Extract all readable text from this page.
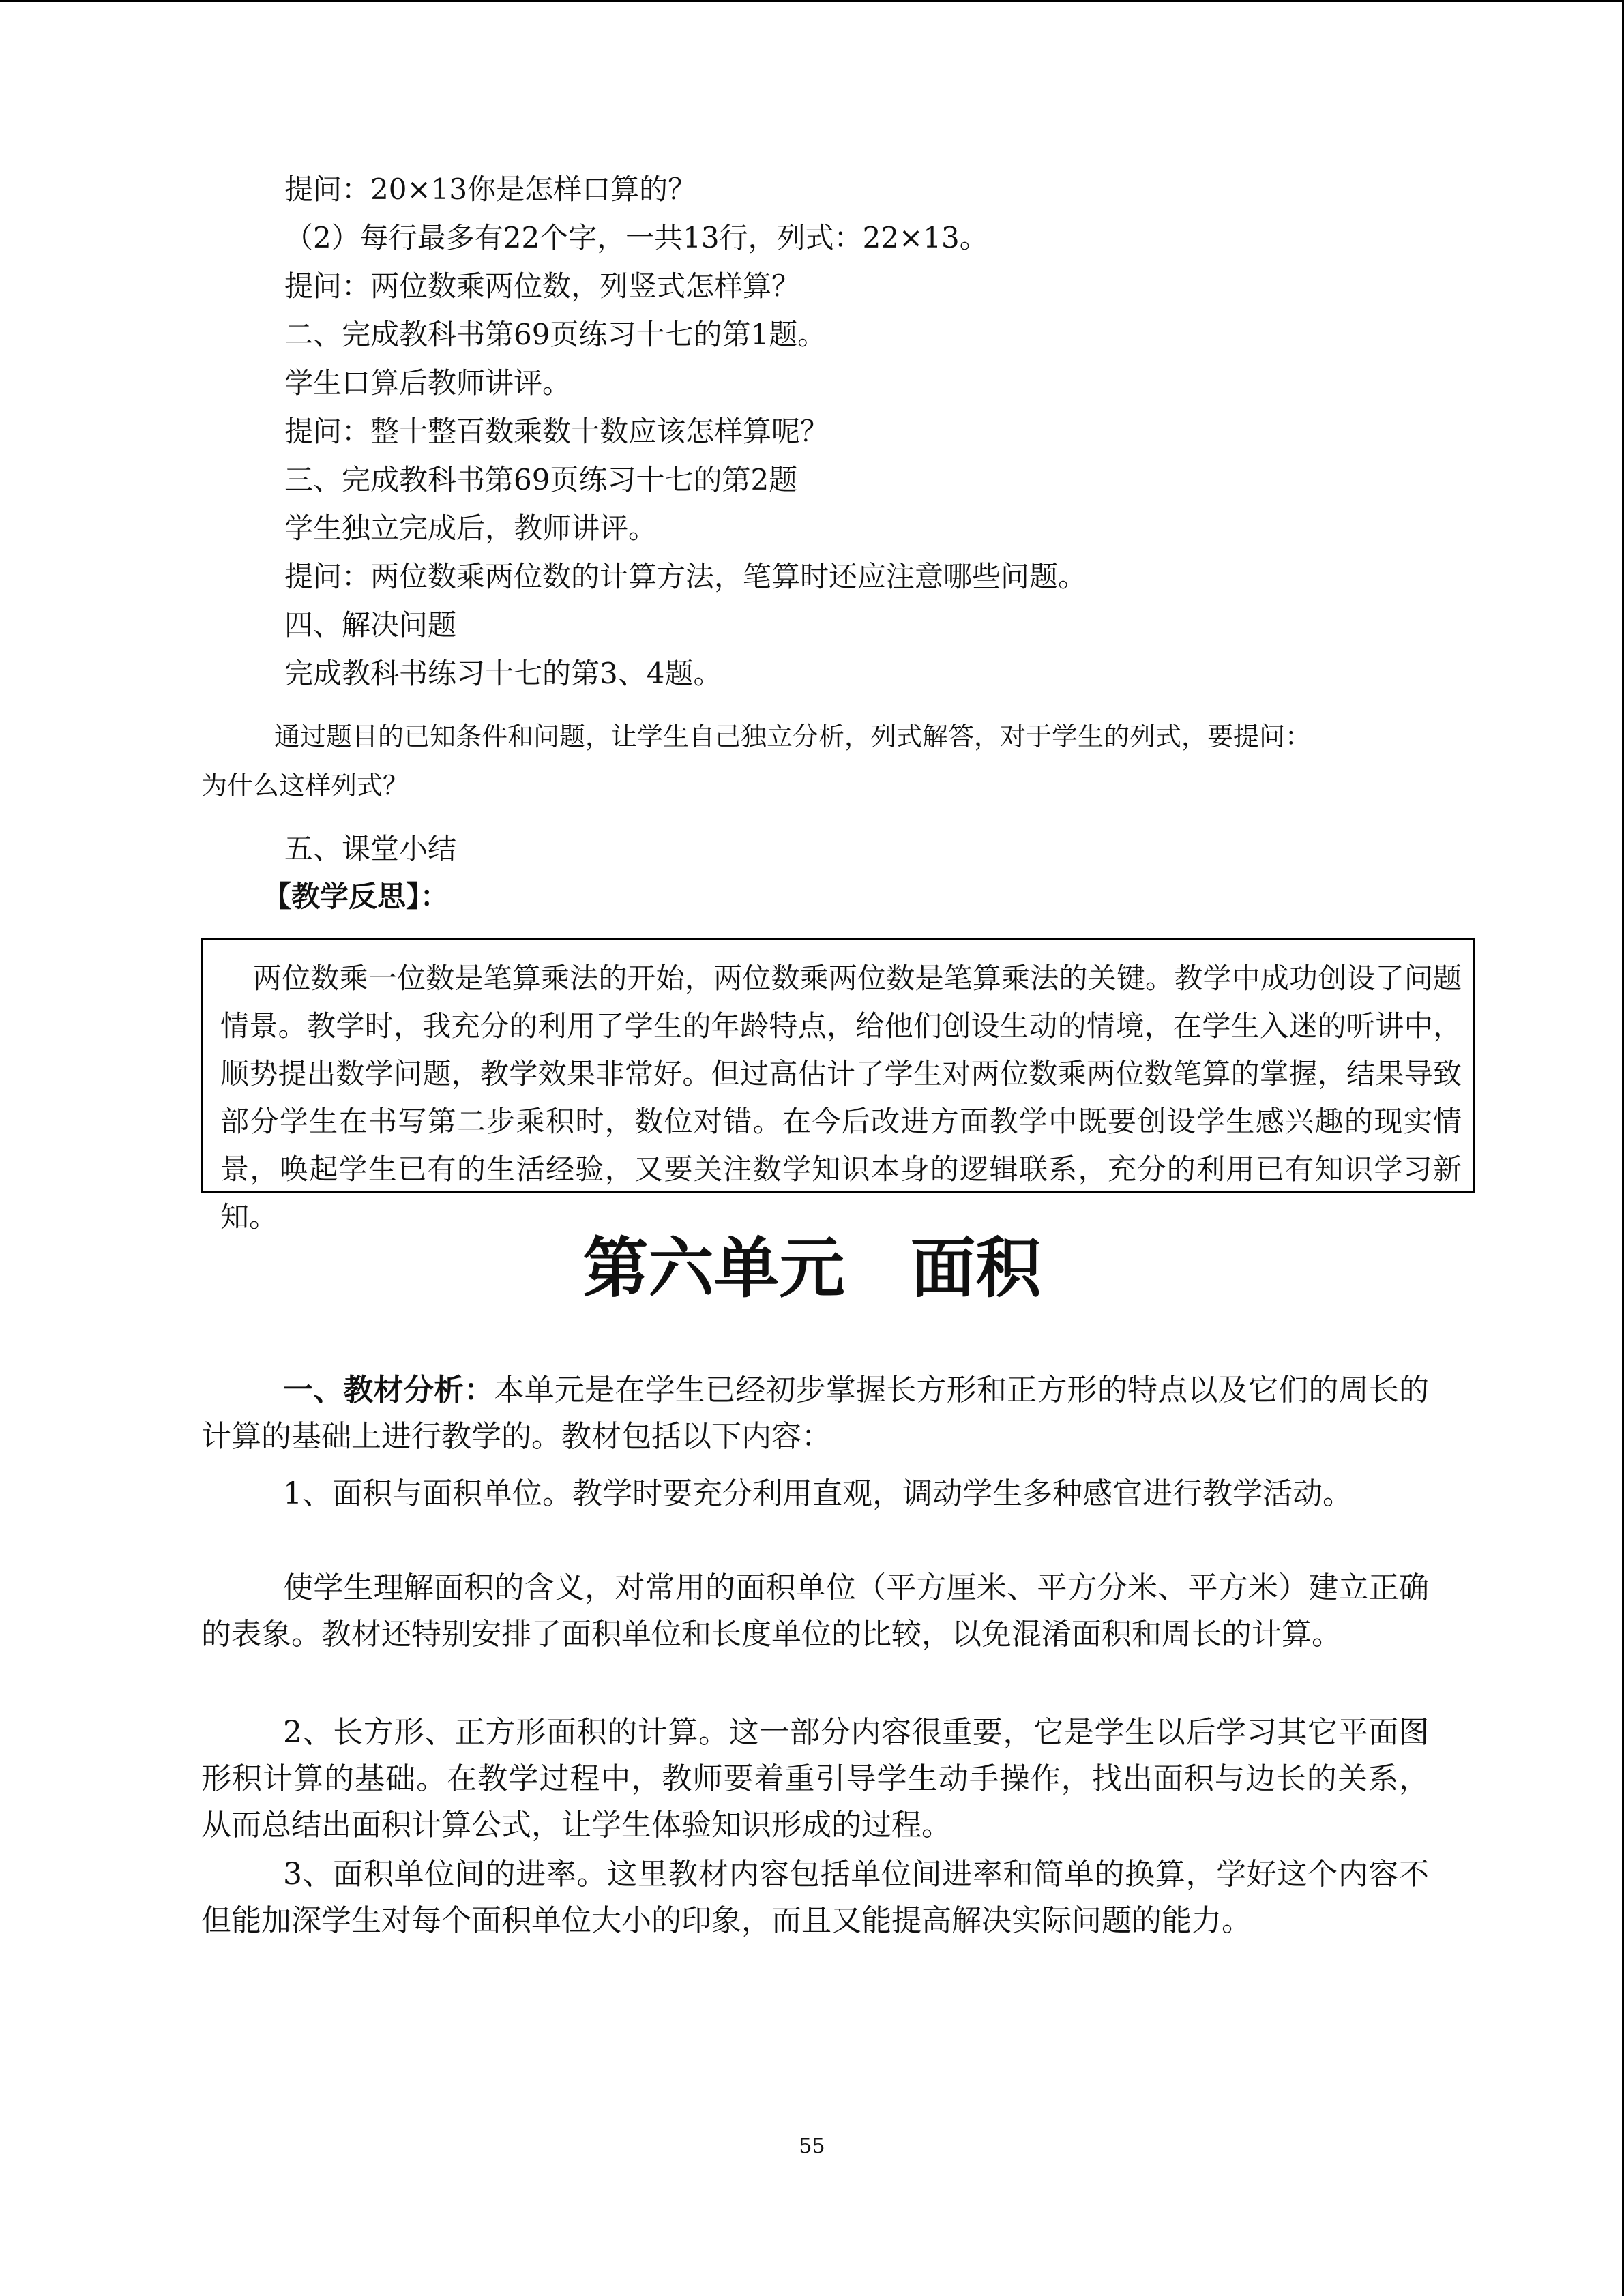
提问：20×13你是怎样口算的？
（2）每行最多有22个字，一共13行，列式：22×13。
提问：两位数乘两位数，列竖式怎样算？
二、完成教科书第69页练习十七的第1题。
学生口算后教师讲评。
提问：整十整百数乘数十数应该怎样算呢？
三、完成教科书第69页练习十七的第2题
学生独立完成后，教师讲评。
提问：两位数乘两位数的计算方法，笔算时还应注意哪些问题。
四、解决问题
完成教科书练习十七的第3、4题。
通过题目的已知条件和问题，让学生自己独立分析，列式解答，对于学生的列式，要提问：
为什么这样列式？
五、课堂小结
【教学反思】：
两位数乘一位数是笔算乘法的开始，两位数乘两位数是笔算乘法的关键。教学中成功创设了问题情景。教学时，我充分的利用了学生的年龄特点，给他们创设生动的情境，在学生入迷的听讲中，顺势提出数学问题，教学效果非常好。但过高估计了学生对两位数乘两位数笔算的掌握，结果导致部分学生在书写第二步乘积时，数位对错。在今后改进方面教学中既要创设学生感兴趣的现实情景，唤起学生已有的生活经验，又要关注数学知识本身的逻辑联系，充分的利用已有知识学习新知。
第六单元　面积
一、教材分析：本单元是在学生已经初步掌握长方形和正方形的特点以及它们的周长的计算的基础上进行教学的。教材包括以下内容：
1、面积与面积单位。教学时要充分利用直观，调动学生多种感官进行教学活动。
使学生理解面积的含义，对常用的面积单位（平方厘米、平方分米、平方米）建立正确的表象。教材还特别安排了面积单位和长度单位的比较，以免混淆面积和周长的计算。
2、长方形、正方形面积的计算。这一部分内容很重要，它是学生以后学习其它平面图形积计算的基础。在教学过程中，教师要着重引导学生动手操作，找出面积与边长的关系，从而总结出面积计算公式，让学生体验知识形成的过程。
3、面积单位间的进率。这里教材内容包括单位间进率和简单的换算，学好这个内容不但能加深学生对每个面积单位大小的印象，而且又能提高解决实际问题的能力。
55
